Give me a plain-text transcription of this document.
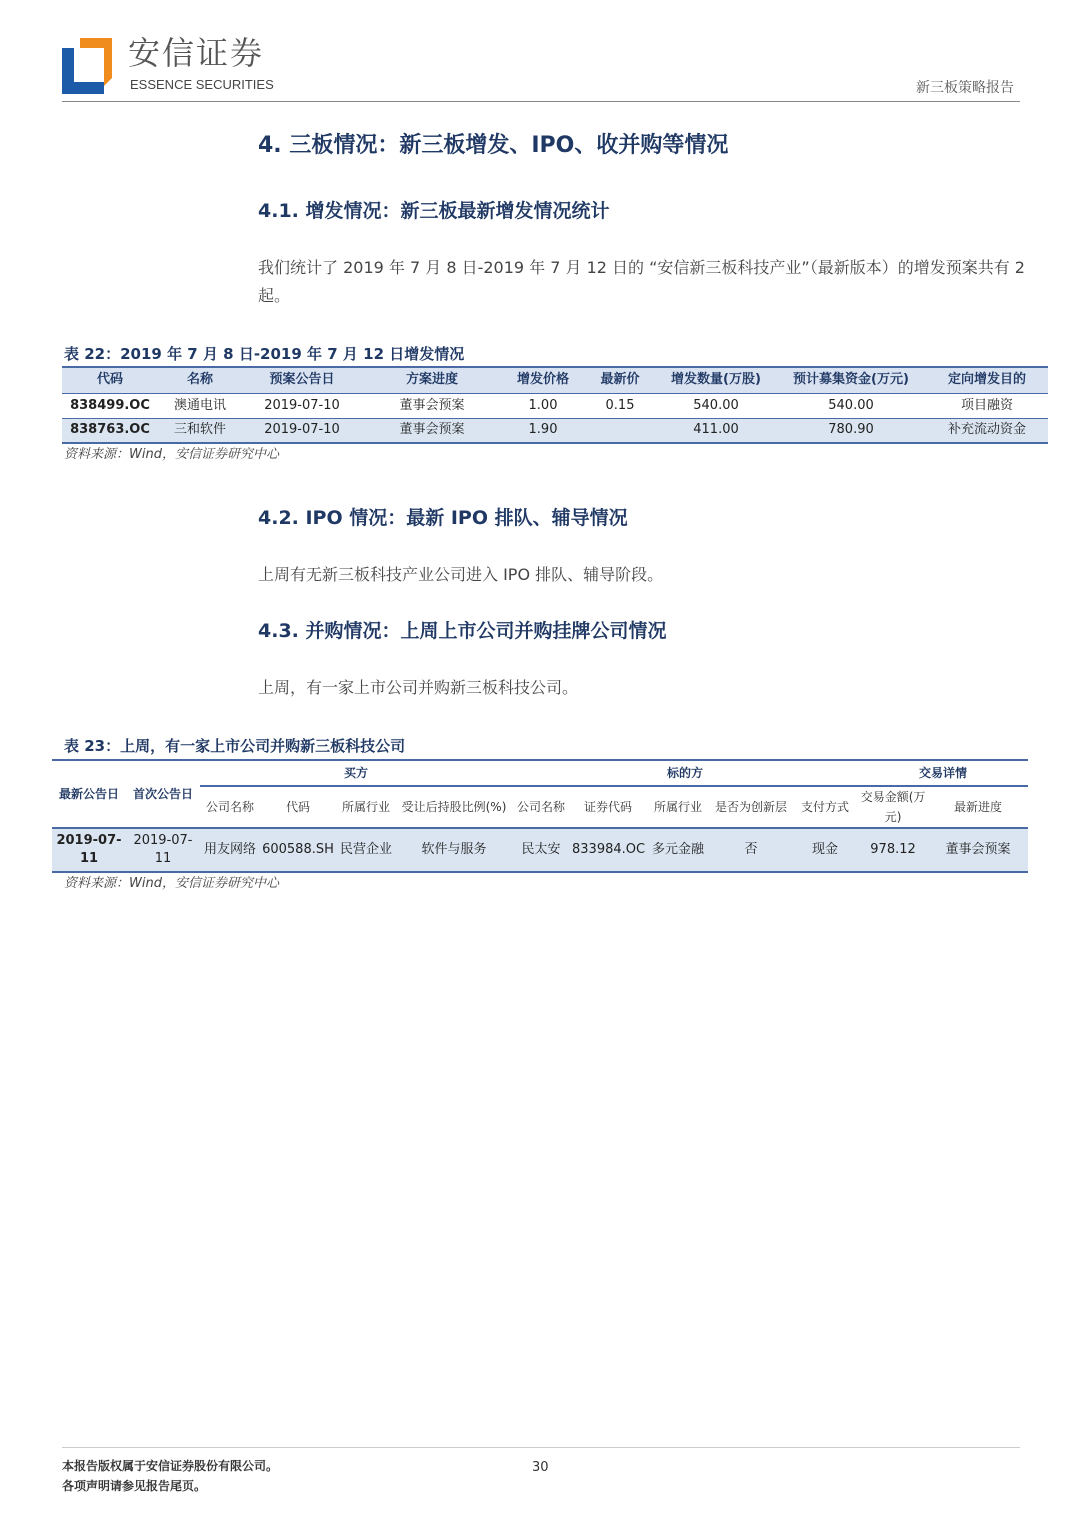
安信证券
ESSENCE SECURITIES	新三板策略报告
4. 三板情况：新三板增发、IPO、收并购等情况
4.1. 增发情况：新三板最新增发情况统计

我们统计了 2019 年 7 月 8 日-2019 年 7 月 12 日的 “安信新三板科技产业”（最新版本）的增发预案共有 2 起。

表 22：2019 年 7 月 8 日-2019 年 7 月 12 日增发情况
代码	名称	预案公告日	方案进度	增发价格	最新价	增发数量(万股)	预计募集资金(万元)	定向增发目的
838499.OC	澳通电讯	2019-07-10	董事会预案	1.00	0.15	540.00	540.00	项目融资
838763.OC	三和软件	2019-07-10	董事会预案	1.90		411.00	780.90	补充流动资金
资料来源：Wind，安信证券研究中心
4.2. IPO 情况：最新 IPO 排队、辅导情况

上周有无新三板科技产业公司进入 IPO 排队、辅导阶段。

4.3. 并购情况：上周上市公司并购挂牌公司情况

上周，有一家上市公司并购新三板科技公司。

表 23：上周，有一家上市公司并购新三板科技公司
最新公告日	首次公告日	买方				标的方					交易详情	
		公司名称	代码	所属行业	受让后持股比例(%)	公司名称	证券代码	所属行业	是否为创新层	支付方式	交易金额(万元)	最新进度
2019-07-11	2019-07-11	用友网络	600588.SH	民营企业	软件与服务	民太安	833984.OC	多元金融	否	现金	978.12	董事会预案
资料来源：Wind，安信证券研究中心
本报告版权属于安信证券股份有限公司。
各项声明请参见报告尾页。
30
